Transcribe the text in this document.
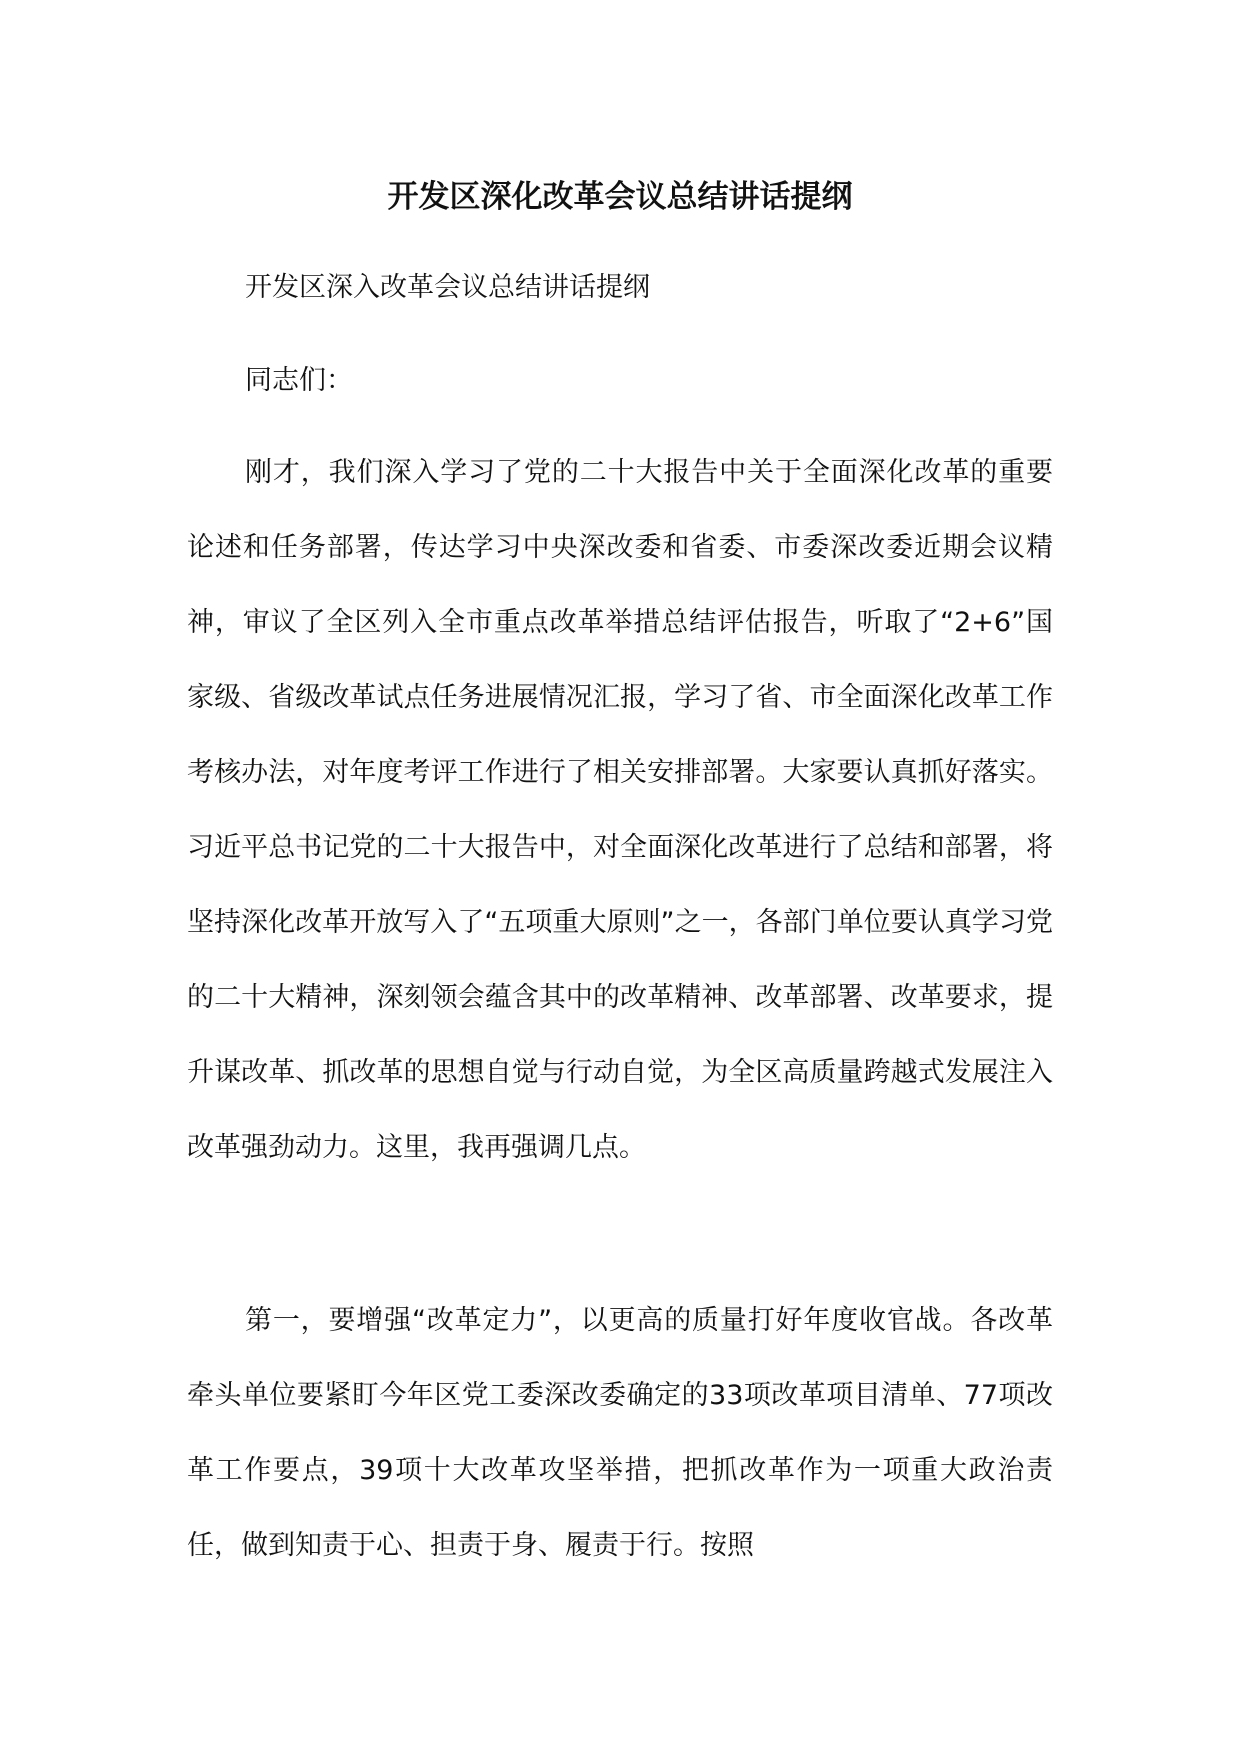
开发区深化改革会议总结讲话提纲

开发区深入改革会议总结讲话提纲

同志们：

刚才，我们深入学习了党的二十大报告中关于全面深化改革的重要论述和任务部署，传达学习中央深改委和省委、市委深改委近期会议精神，审议了全区列入全市重点改革举措总结评估报告，听取了“2+6”国家级、省级改革试点任务进展情况汇报，学习了省、市全面深化改革工作考核办法，对年度考评工作进行了相关安排部署。大家要认真抓好落实。习近平总书记党的二十大报告中，对全面深化改革进行了总结和部署，将坚持深化改革开放写入了“五项重大原则”之一，各部门单位要认真学习党的二十大精神，深刻领会蕴含其中的改革精神、改革部署、改革要求，提升谋改革、抓改革的思想自觉与行动自觉，为全区高质量跨越式发展注入改革强劲动力。这里，我再强调几点。

第一，要增强“改革定力”，以更高的质量打好年度收官战。各改革牵头单位要紧盯今年区党工委深改委确定的33项改革项目清单、77项改革工作要点，39项十大改革攻坚举措，把抓改革作为一项重大政治责任，做到知责于心、担责于身、履责于行。按照
